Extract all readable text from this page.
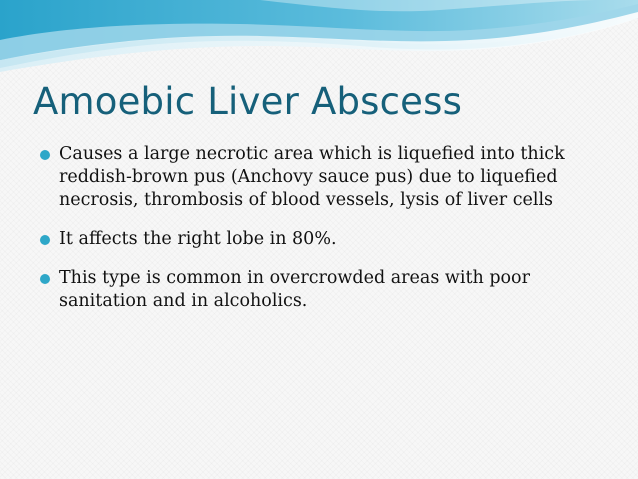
Amoebic Liver Abscess
Causes a large necrotic area which is liquefied into thick reddish-brown pus (Anchovy sauce pus) due to liquefied necrosis, thrombosis of blood vessels, lysis of liver cells
It affects the right lobe in 80%.
This type is common in overcrowded areas with poor sanitation and in alcoholics.
